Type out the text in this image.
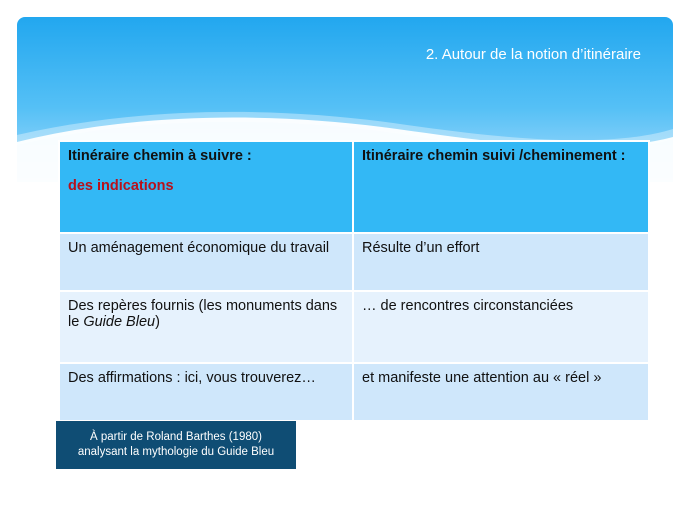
2. Autour de la notion d’itinéraire
Itinéraire chemin à suivre :
des indications	Itinéraire chemin suivi /cheminement :
Un aménagement économique du travail	Résulte d’un effort
Des repères fournis (les monuments dans le Guide Bleu)	… de rencontres circonstanciées
Des affirmations : ici, vous trouverez…	et manifeste une attention au « réel »
À partir de Roland Barthes (1980)
analysant la mythologie du Guide Bleu
